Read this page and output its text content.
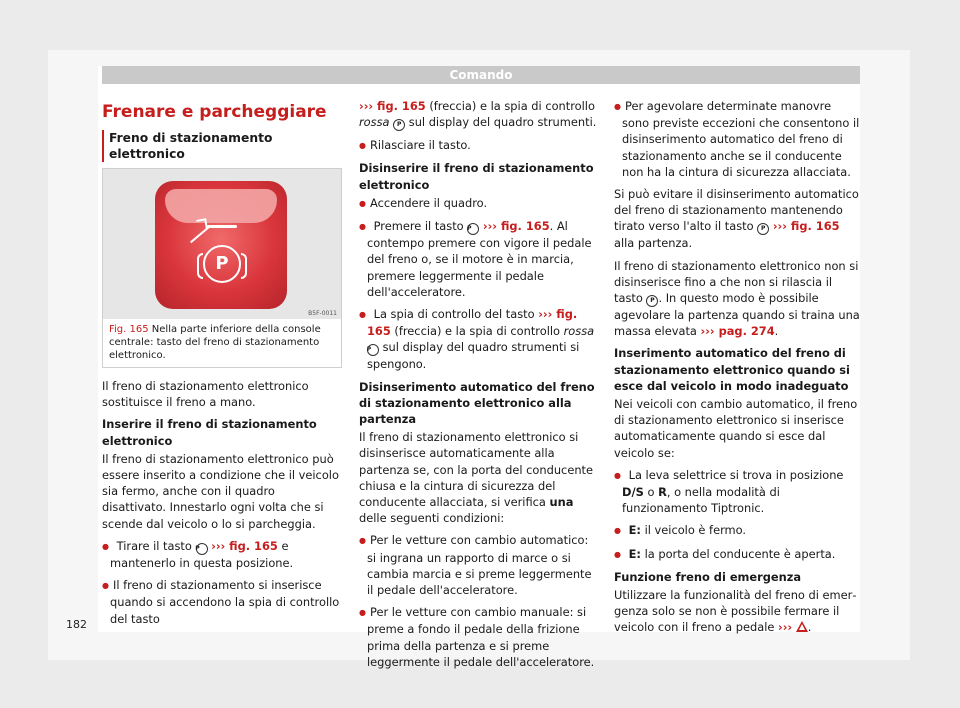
Comando
Frenare e parcheggiare
Freno di stazionamento elettronico
P
B5F-0011
Fig. 165 Nella parte inferiore della console centrale: tasto del freno di stazionamento elettronico.

Il freno di stazionamento elettronico sostituisce il freno a mano.

Inserire il freno di stazionamento elettronico

Il freno di stazionamento elettronico può essere inserito a condizione che il veicolo sia fermo, anche con il quadro disattivato. Innestarlo ogni volta che si scende dal veicolo o lo si parcheggia.

● Tirare il tasto P ››› fig. 165 e mantenerlo in questa posizione.

● Il freno di stazionamento si inserisce quando si accendono la spia di controllo del tasto

››› fig. 165 (freccia) e la spia di controllo rossa P sul display del quadro strumenti.

● Rilasciare il tasto.

Disinserire il freno di stazionamento elettronico

● Accendere il quadro.

● Premere il tasto P ››› fig. 165. Al contempo premere con vigore il pedale del freno o, se il motore è in marcia, premere leggermente il pedale dell'acceleratore.

● La spia di controllo del tasto ››› fig. 165 (freccia) e la spia di controllo rossa P sul display del quadro strumenti si spengono.

Disinserimento automatico del freno di stazionamento elettronico alla partenza

Il freno di stazionamento elettronico si disinserisce automaticamente alla partenza se, con la porta del conducente chiusa e la cintura di sicurezza del conducente allacciata, si verifica una delle seguenti condizioni:

● Per le vetture con cambio automatico: si ingrana un rapporto di marce o si cambia marcia e si preme leggermente il pedale dell'acceleratore.

● Per le vetture con cambio manuale: si preme a fondo il pedale della frizione prima della partenza e si preme leggermente il pedale dell'acceleratore.

● Per agevolare determinate manovre sono previste eccezioni che consentono il disinserimento automatico del freno di stazionamento anche se il conducente non ha la cintura di sicurezza allacciata.

Si può evitare il disinserimento automatico del freno di stazionamento mantenendo tirato verso l'alto il tasto P ››› fig. 165 alla partenza.

Il freno di stazionamento elettronico non si disinserisce fino a che non si rilascia il tasto P . In questo modo è possibile agevolare la partenza quando si traina una massa elevata ››› pag. 274.

Inserimento automatico del freno di stazionamento elettronico quando si esce dal veicolo in modo inadeguato

Nei veicoli con cambio automatico, il freno di stazionamento elettronico si inserisce automaticamente quando si esce dal veicolo se:

● La leva selettrice si trova in posizione D/S o R, o nella modalità di funzionamento Tiptronic.

● E: il veicolo è fermo.

● E: la porta del conducente è aperta.

Funzione freno di emergenza

Utilizzare la funzionalità del freno di emergenza solo se non è possibile fermare il veicolo con il freno a pedale ››› .

182
